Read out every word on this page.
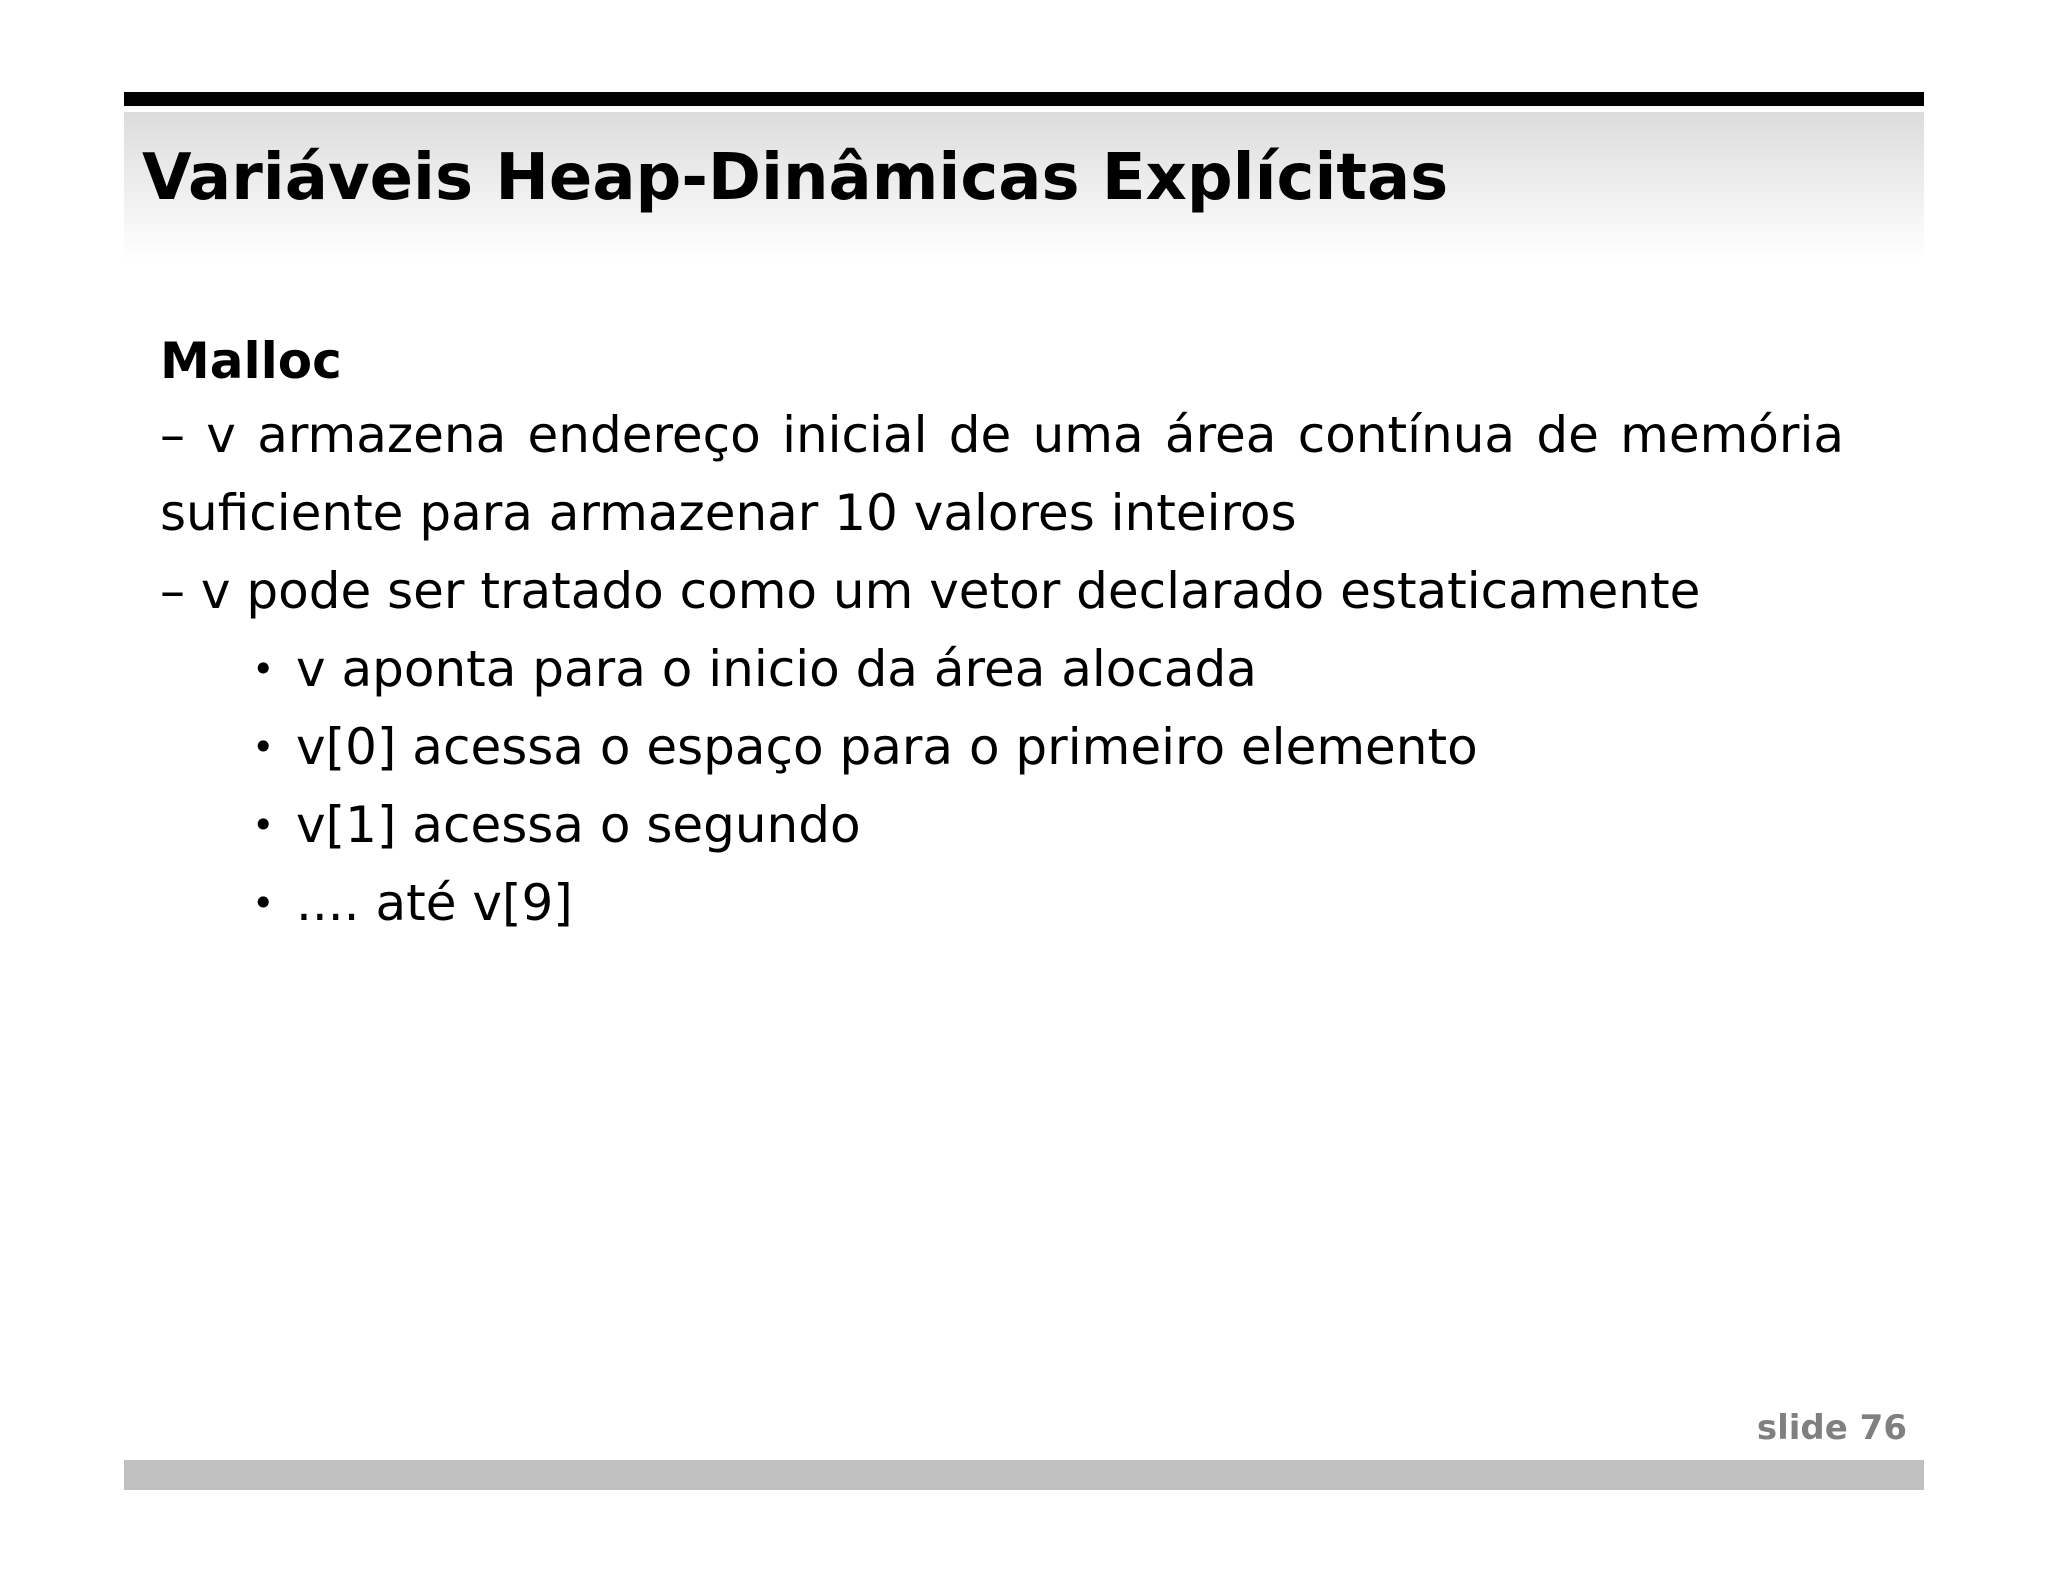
Variáveis Heap-Dinâmicas Explícitas

Malloc

– v armazena endereço inicial de uma área contínua de memória suficiente para armazenar 10 valores inteiros

– v pode ser tratado como um vetor declarado estaticamente

• v aponta para o inicio da área alocada
• v[0] acessa o espaço para o primeiro elemento
• v[1] acessa o segundo
• .... até v[9]
slide 76
